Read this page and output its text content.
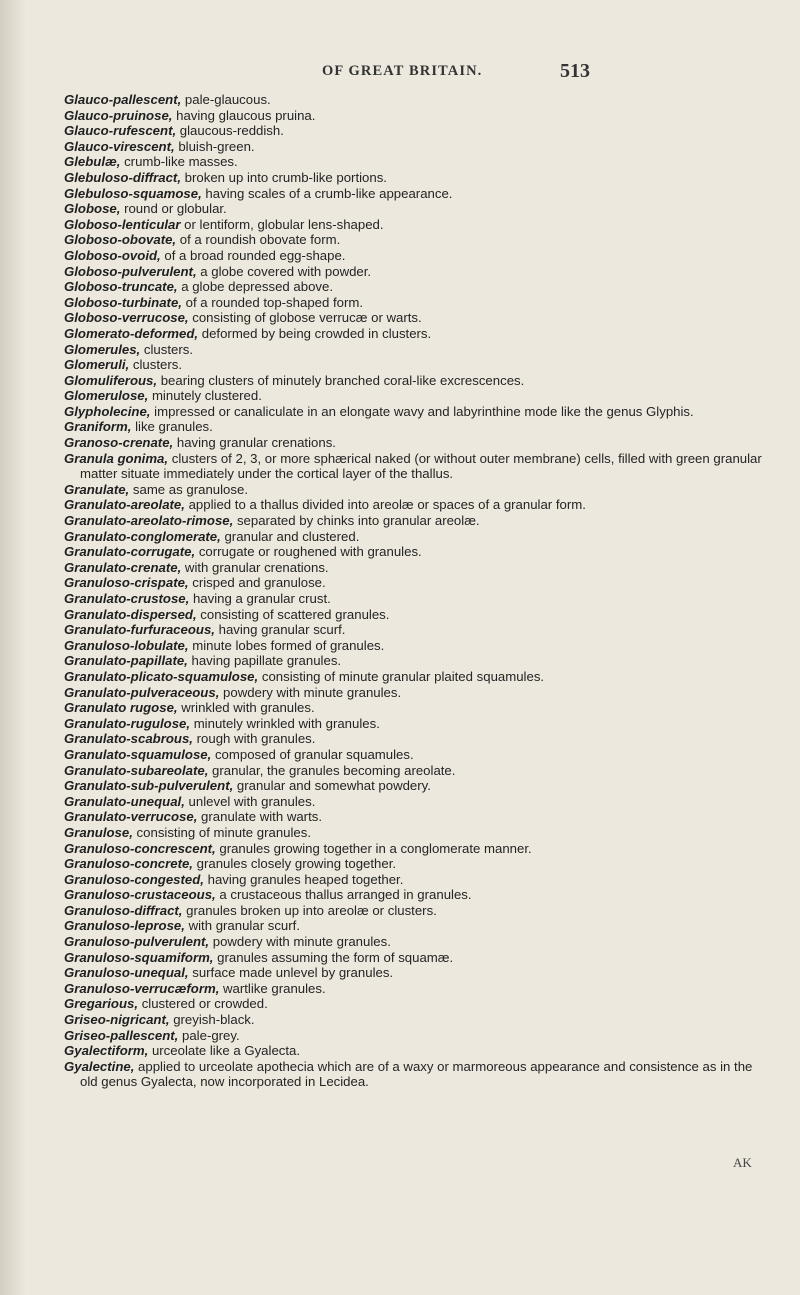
OF GREAT BRITAIN.	513
Glauco-pallescent, pale-glaucous.
Glauco-pruinose, having glaucous pruina.
Glauco-rufescent, glaucous-reddish.
Glauco-virescent, bluish-green.
Glebulæ, crumb-like masses.
Glebuloso-diffract, broken up into crumb-like portions.
Glebuloso-squamose, having scales of a crumb-like appearance.
Globose, round or globular.
Globoso-lenticular or lentiform, globular lens-shaped.
Globoso-obovate, of a roundish obovate form.
Globoso-ovoid, of a broad rounded egg-shape.
Globoso-pulverulent, a globe covered with powder.
Globoso-truncate, a globe depressed above.
Globoso-turbinate, of a rounded top-shaped form.
Globoso-verrucose, consisting of globose verrucæ or warts.
Glomerato-deformed, deformed by being crowded in clusters.
Glomerules, clusters.
Glomeruli, clusters.
Glomuliferous, bearing clusters of minutely branched coral-like excrescences.
Glomerulose, minutely clustered.
Glypholecine, impressed or canaliculate in an elongate wavy and labyrinthine mode like the genus Glyphis.
Graniform, like granules.
Granoso-crenate, having granular crenations.
Granula gonima, clusters of 2, 3, or more sphærical naked (or without outer membrane) cells, filled with green granular matter situate immediately under the cortical layer of the thallus.
Granulate, same as granulose.
Granulato-areolate, applied to a thallus divided into areolæ or spaces of a granular form.
Granulato-areolato-rimose, separated by chinks into granular areolæ.
Granulato-conglomerate, granular and clustered.
Granulato-corrugate, corrugate or roughened with granules.
Granulato-crenate, with granular crenations.
Granuloso-crispate, crisped and granulose.
Granulato-crustose, having a granular crust.
Granulato-dispersed, consisting of scattered granules.
Granulato-furfuraceous, having granular scurf.
Granuloso-lobulate, minute lobes formed of granules.
Granulato-papillate, having papillate granules.
Granulato-plicato-squamulose, consisting of minute granular plaited squamules.
Granulato-pulveraceous, powdery with minute granules.
Granulato rugose, wrinkled with granules.
Granulato-rugulose, minutely wrinkled with granules.
Granulato-scabrous, rough with granules.
Granulato-squamulose, composed of granular squamules.
Granulato-subareolate, granular, the granules becoming areolate.
Granulato-sub-pulverulent, granular and somewhat powdery.
Granulato-unequal, unlevel with granules.
Granulato-verrucose, granulate with warts.
Granulose, consisting of minute granules.
Granuloso-concrescent, granules growing together in a conglomerate manner.
Granuloso-concrete, granules closely growing together.
Granuloso-congested, having granules heaped together.
Granuloso-crustaceous, a crustaceous thallus arranged in granules.
Granuloso-diffract, granules broken up into areolæ or clusters.
Granuloso-leprose, with granular scurf.
Granuloso-pulverulent, powdery with minute granules.
Granuloso-squamiform, granules assuming the form of squamæ.
Granuloso-unequal, surface made unlevel by granules.
Granuloso-verrucæform, wartlike granules.
Gregarious, clustered or crowded.
Griseo-nigricant, greyish-black.
Griseo-pallescent, pale-grey.
Gyalectiform, urceolate like a Gyalecta.
Gyalectine, applied to urceolate apothecia which are of a waxy or marmoreous appearance and consistence as in the old genus Gyalecta, now incorporated in Lecidea.
AK
